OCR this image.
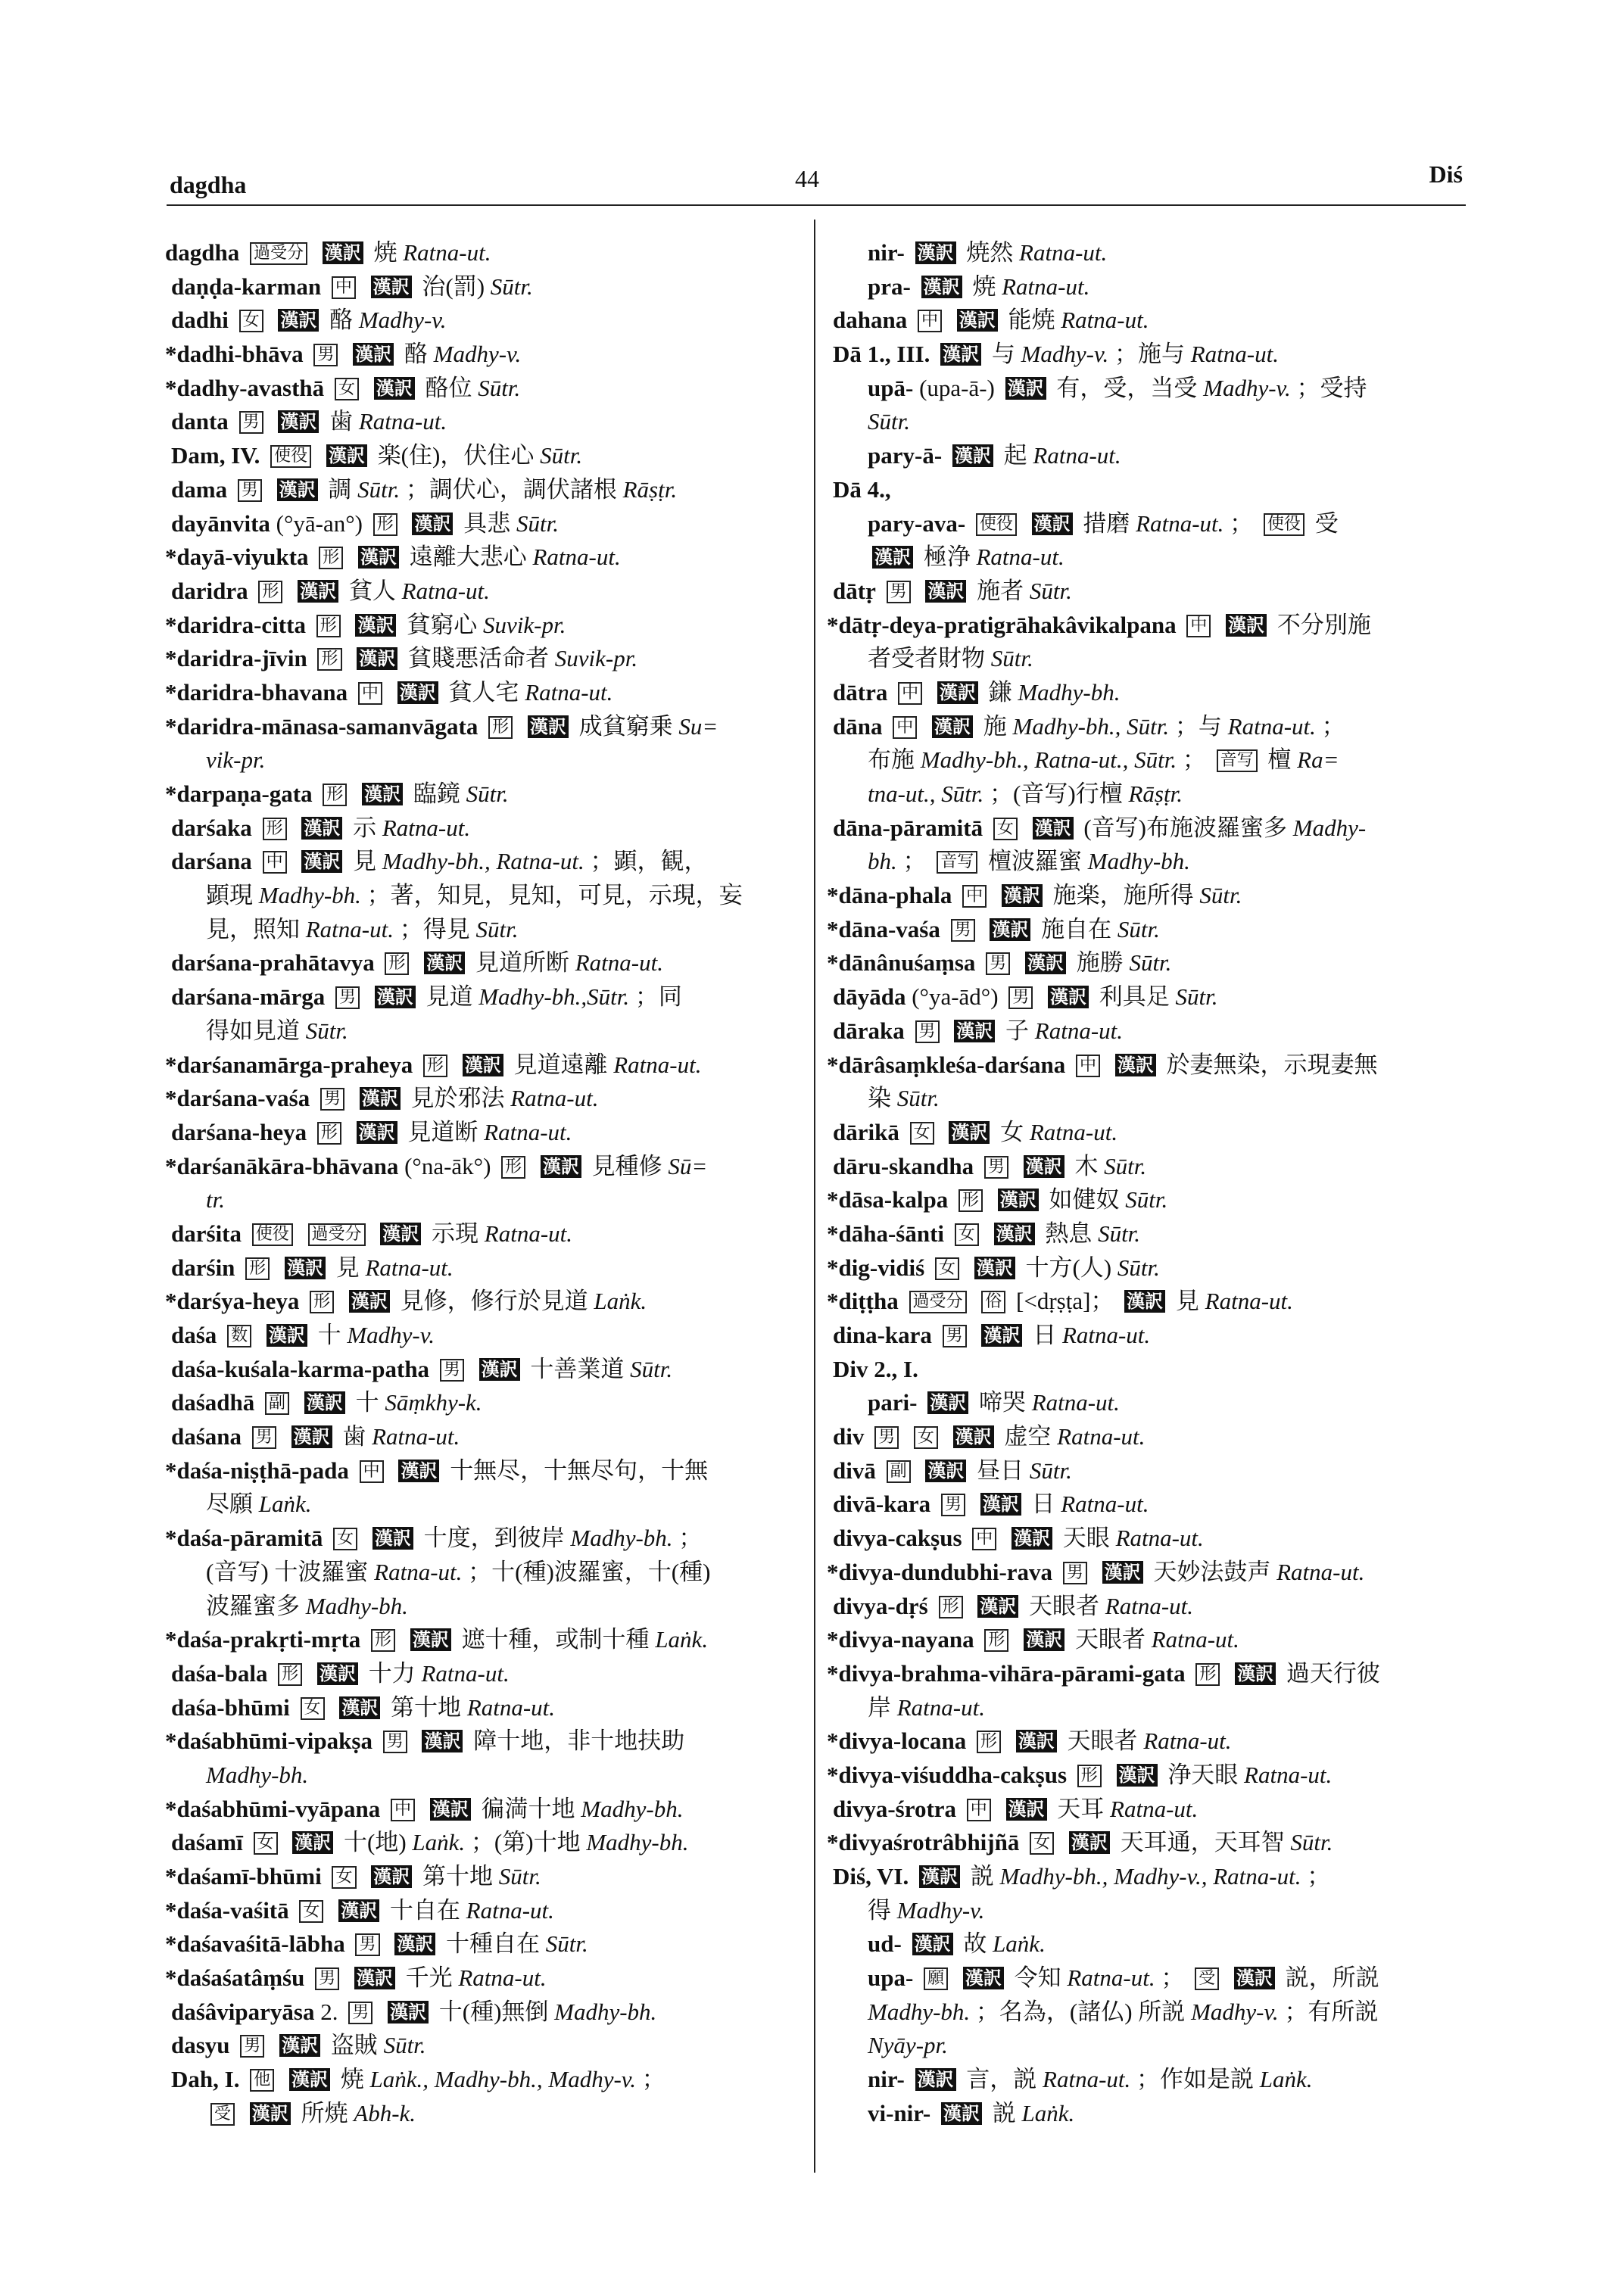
dagdha	44	Diś
dagdha 過受分 漢訳 焼 Ratna-ut.
daṇḍa-karman 中 漢訳 治(罰) Sūtr.
dadhi 女 漢訳 酪 Madhy-v.
*dadhi-bhāva 男 漢訳 酪 Madhy-v.
*dadhy-avasthā 女 漢訳 酪位 Sūtr.
danta 男 漢訳 歯 Ratna-ut.
Dam, IV. 使役 漢訳 楽(住)，伏住心 Sūtr.
dama 男 漢訳 調 Sūtr. ；調伏心，調伏諸根 Rāṣṭr.
dayānvita (°yā-an°) 形 漢訳 具悲 Sūtr.
*dayā-viyukta 形 漢訳 遠離大悲心 Ratna-ut.
daridra 形 漢訳 貧人 Ratna-ut.
*daridra-citta 形 漢訳 貧窮心 Suvik-pr.
*daridra-jīvin 形 漢訳 貧賤悪活命者 Suvik-pr.
*daridra-bhavana 中 漢訳 貧人宅 Ratna-ut.
*daridra-mānasa-samanvāgata 形 漢訳 成貧窮乗 Su=
vik-pr.
*darpaṇa-gata 形 漢訳 臨鏡 Sūtr.
darśaka 形 漢訳 示 Ratna-ut.
darśana 中 漢訳 見 Madhy-bh., Ratna-ut. ；顕，観，
顕現 Madhy-bh. ；著，知見，見知，可見，示現，妄
見，照知 Ratna-ut. ；得見 Sūtr.
darśana-prahātavya 形 漢訳 見道所断 Ratna-ut.
darśana-mārga 男 漢訳 見道 Madhy-bh.,Sūtr. ；同
得如見道 Sūtr.
*darśanamārga-praheya 形 漢訳 見道遠離 Ratna-ut.
*darśana-vaśa 男 漢訳 見於邪法 Ratna-ut.
darśana-heya 形 漢訳 見道断 Ratna-ut.
*darśanākāra-bhāvana (°na-āk°) 形 漢訳 見種修 Sū=
tr.
darśita 使役 過受分 漢訳 示現 Ratna-ut.
darśin 形 漢訳 見 Ratna-ut.
*darśya-heya 形 漢訳 見修，修行於見道 Laṅk.
daśa 数 漢訳 十 Madhy-v.
daśa-kuśala-karma-patha 男 漢訳 十善業道 Sūtr.
daśadhā 副 漢訳 十 Sāṃkhy-k.
daśana 男 漢訳 歯 Ratna-ut.
*daśa-niṣṭhā-pada 中 漢訳 十無尽，十無尽句，十無
尽願 Laṅk.
*daśa-pāramitā 女 漢訳 十度，到彼岸 Madhy-bh. ；
(音写) 十波羅蜜 Ratna-ut. ；十(種)波羅蜜，十(種)
波羅蜜多 Madhy-bh.
*daśa-prakṛti-mṛta 形 漢訳 遮十種，或制十種 Laṅk.
daśa-bala 形 漢訳 十力 Ratna-ut.
daśa-bhūmi 女 漢訳 第十地 Ratna-ut.
*daśabhūmi-vipakṣa 男 漢訳 障十地，非十地扶助
Madhy-bh.
*daśabhūmi-vyāpana 中 漢訳 徧満十地 Madhy-bh.
daśamī 女 漢訳 十(地) Laṅk. ；(第)十地 Madhy-bh.
*daśamī-bhūmi 女 漢訳 第十地 Sūtr.
*daśa-vaśitā 女 漢訳 十自在 Ratna-ut.
*daśavaśitā-lābha 男 漢訳 十種自在 Sūtr.
*daśaśatâṃśu 男 漢訳 千光 Ratna-ut.
daśâviparyāsa 2. 男 漢訳 十(種)無倒 Madhy-bh.
dasyu 男 漢訳 盗賊 Sūtr.
Dah, I. 他 漢訳 焼 Laṅk., Madhy-bh., Madhy-v. ；
受 漢訳 所焼 Abh-k.
nir- 漢訳 焼然 Ratna-ut.
pra- 漢訳 焼 Ratna-ut.
dahana 中 漢訳 能焼 Ratna-ut.
Dā 1., III. 漢訳 与 Madhy-v. ；施与 Ratna-ut.
upā- (upa-ā-) 漢訳 有，受，当受 Madhy-v. ；受持
Sūtr.
pary-ā- 漢訳 起 Ratna-ut.
Dā 4.,
pary-ava- 使役 漢訳 措磨 Ratna-ut. ； 使役 受
漢訳 極浄 Ratna-ut.
dātṛ 男 漢訳 施者 Sūtr.
*dātṛ-deya-pratigrāhakâvikalpana 中 漢訳 不分別施
者受者財物 Sūtr.
dātra 中 漢訳 鎌 Madhy-bh.
dāna 中 漢訳 施 Madhy-bh., Sūtr. ；与 Ratna-ut. ；
布施 Madhy-bh., Ratna-ut., Sūtr. ； 音写 檀 Ra=
tna-ut., Sūtr. ；(音写)行檀 Rāṣṭr.
dāna-pāramitā 女 漢訳 (音写)布施波羅蜜多 Madhy-
bh. ； 音写 檀波羅蜜 Madhy-bh.
*dāna-phala 中 漢訳 施楽，施所得 Sūtr.
*dāna-vaśa 男 漢訳 施自在 Sūtr.
*dānânuśaṃsa 男 漢訳 施勝 Sūtr.
dāyāda (°ya-ād°) 男 漢訳 利具足 Sūtr.
dāraka 男 漢訳 子 Ratna-ut.
*dārâsaṃkleśa-darśana 中 漢訳 於妻無染，示現妻無
染 Sūtr.
dārikā 女 漢訳 女 Ratna-ut.
dāru-skandha 男 漢訳 木 Sūtr.
*dāsa-kalpa 形 漢訳 如健奴 Sūtr.
*dāha-śānti 女 漢訳 熱息 Sūtr.
*dig-vidiś 女 漢訳 十方(人) Sūtr.
*diṭṭha 過受分 俗 [<dṛṣṭa]； 漢訳 見 Ratna-ut.
dina-kara 男 漢訳 日 Ratna-ut.
Div 2., I.
pari- 漢訳 啼哭 Ratna-ut.
div 男 女 漢訳 虚空 Ratna-ut.
divā 副 漢訳 昼日 Sūtr.
divā-kara 男 漢訳 日 Ratna-ut.
divya-cakṣus 中 漢訳 天眼 Ratna-ut.
*divya-dundubhi-rava 男 漢訳 天妙法鼓声 Ratna-ut.
divya-dṛś 形 漢訳 天眼者 Ratna-ut.
*divya-nayana 形 漢訳 天眼者 Ratna-ut.
*divya-brahma-vihāra-pārami-gata 形 漢訳 過天行彼
岸 Ratna-ut.
*divya-locana 形 漢訳 天眼者 Ratna-ut.
*divya-viśuddha-cakṣus 形 漢訳 浄天眼 Ratna-ut.
divya-śrotra 中 漢訳 天耳 Ratna-ut.
*divyaśrotrâbhijñā 女 漢訳 天耳通，天耳智 Sūtr.
Diś, VI. 漢訳 説 Madhy-bh., Madhy-v., Ratna-ut. ；
得 Madhy-v.
ud- 漢訳 故 Laṅk.
upa- 願 漢訳 令知 Ratna-ut. ； 受 漢訳 説，所説
Madhy-bh. ；名為，(諸仏) 所説 Madhy-v. ；有所説
Nyāy-pr.
nir- 漢訳 言，説 Ratna-ut. ；作如是説 Laṅk.
vi-nir- 漢訳 説 Laṅk.
